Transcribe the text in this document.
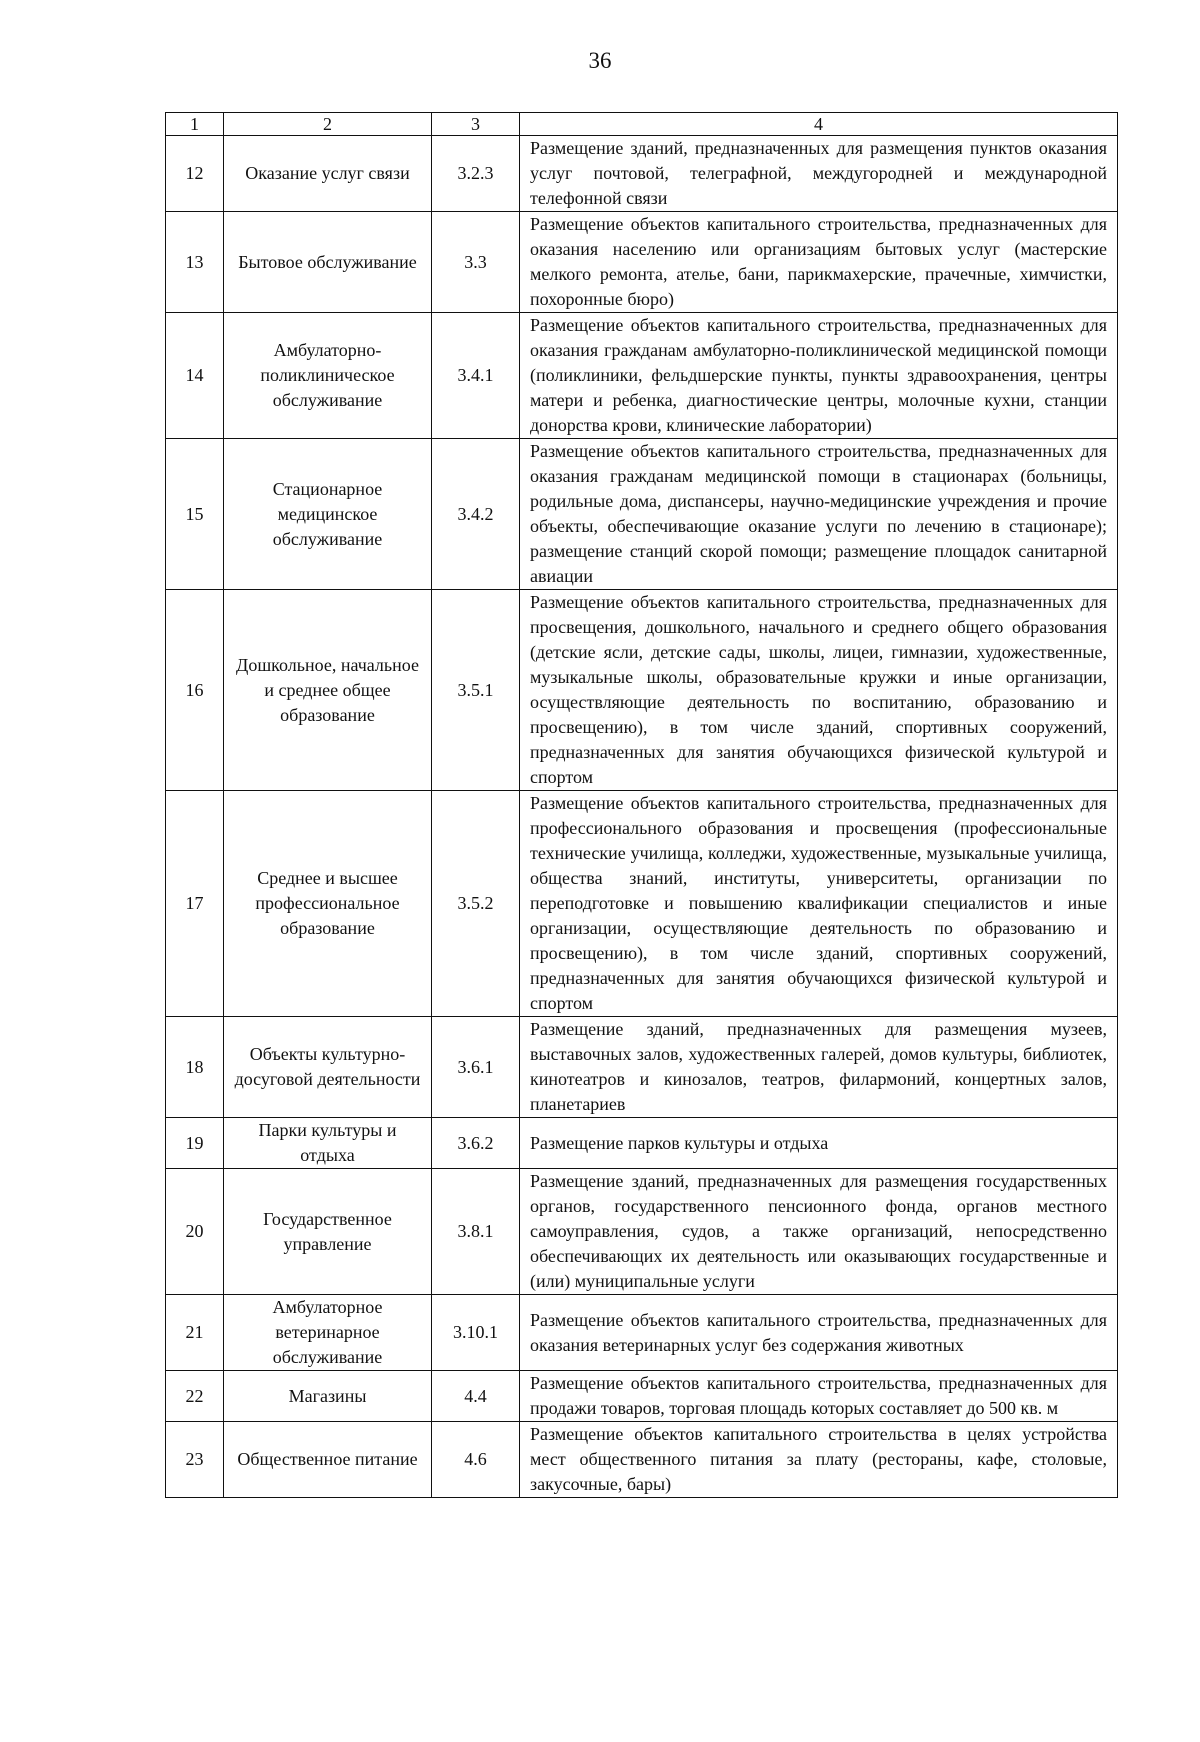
36
1	2	3	4
12	Оказание услуг связи	3.2.3	Размещение зданий, предназначенных для размещения пунктов оказания услуг почтовой, телеграфной, междугородней и международной телефонной связи
13	Бытовое обслуживание	3.3	Размещение объектов капитального строительства, предназначенных для оказания населению или организациям бытовых услуг (мастерские мелкого ремонта, ателье, бани, парикмахерские, прачечные, химчистки, похоронные бюро)
14	Амбулаторно-поликлиническое обслуживание	3.4.1	Размещение объектов капитального строительства, предназначенных для оказания гражданам амбулаторно-поликлинической медицинской помощи (поликлиники, фельдшерские пункты, пункты здравоохранения, центры матери и ребенка, диагностические центры, молочные кухни, станции донорства крови, клинические лаборатории)
15	Стационарное медицинское обслуживание	3.4.2	Размещение объектов капитального строительства, предназначенных для оказания гражданам медицинской помощи в стационарах (больницы, родильные дома, диспансеры, научно-медицинские учреждения и прочие объекты, обеспечивающие оказание услуги по лечению в стационаре); размещение станций скорой помощи; размещение площадок санитарной авиации
16	Дошкольное, начальное и среднее общее образование	3.5.1	Размещение объектов капитального строительства, предназначенных для просвещения, дошкольного, начального и среднего общего образования (детские ясли, детские сады, школы, лицеи, гимназии, художественные, музыкальные школы, образовательные кружки и иные организации, осуществляющие деятельность по воспитанию, образованию и просвещению), в том числе зданий, спортивных сооружений, предназначенных для занятия обучающихся физической культурой и спортом
17	Среднее и высшее профессиональное образование	3.5.2	Размещение объектов капитального строительства, предназначенных для профессионального образования и просвещения (профессиональные технические училища, колледжи, художественные, музыкальные училища, общества знаний, институты, университеты, организации по переподготовке и повышению квалификации специалистов и иные организации, осуществляющие деятельность по образованию и просвещению), в том числе зданий, спортивных сооружений, предназначенных для занятия обучающихся физической культурой и спортом
18	Объекты культурно-досуговой деятельности	3.6.1	Размещение зданий, предназначенных для размещения музеев, выставочных залов, художественных галерей, домов культуры, библиотек, кинотеатров и кинозалов, театров, филармоний, концертных залов, планетариев
19	Парки культуры и отдыха	3.6.2	Размещение парков культуры и отдыха
20	Государственное управление	3.8.1	Размещение зданий, предназначенных для размещения государственных органов, государственного пенсионного фонда, органов местного самоуправления, судов, а также организаций, непосредственно обеспечивающих их деятельность или оказывающих государственные и (или) муниципальные услуги
21	Амбулаторное ветеринарное обслуживание	3.10.1	Размещение объектов капитального строительства, предназначенных для оказания ветеринарных услуг без содержания животных
22	Магазины	4.4	Размещение объектов капитального строительства, предназначенных для продажи товаров, торговая площадь которых составляет до 500 кв. м
23	Общественное питание	4.6	Размещение объектов капитального строительства в целях устройства мест общественного питания за плату (рестораны, кафе, столовые, закусочные, бары)
